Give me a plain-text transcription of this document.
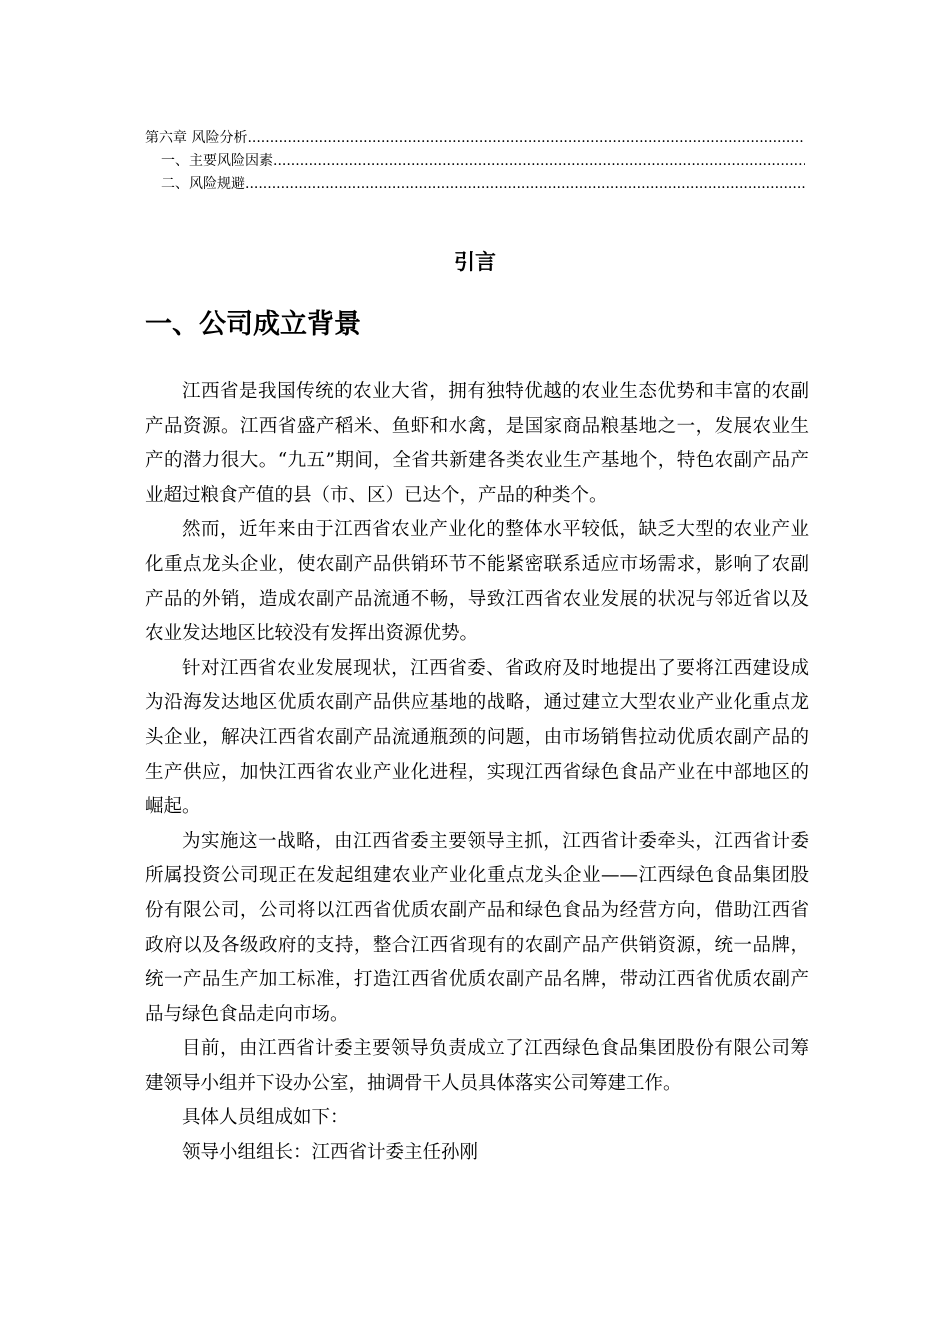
第六章 风险分析
.....
一、主要风险因素
.....
二、风险规避
.....
引言
一、公司成立背景

江西省是我国传统的农业大省，拥有独特优越的农业生态优势和丰富的农副产品资源。江西省盛产稻米、鱼虾和水禽，是国家商品粮基地之一，发展农业生产的潜力很大。“九五”期间，全省共新建各类农业生产基地个，特色农副产品产业超过粮食产值的县（市、区）已达个，产品的种类个。

然而，近年来由于江西省农业产业化的整体水平较低，缺乏大型的农业产业化重点龙头企业，使农副产品供销环节不能紧密联系适应市场需求，影响了农副产品的外销，造成农副产品流通不畅，导致江西省农业发展的状况与邻近省以及农业发达地区比较没有发挥出资源优势。

针对江西省农业发展现状，江西省委、省政府及时地提出了要将江西建设成为沿海发达地区优质农副产品供应基地的战略，通过建立大型农业产业化重点龙头企业，解决江西省农副产品流通瓶颈的问题，由市场销售拉动优质农副产品的生产供应，加快江西省农业产业化进程，实现江西省绿色食品产业在中部地区的崛起。

为实施这一战略，由江西省委主要领导主抓，江西省计委牵头，江西省计委所属投资公司现正在发起组建农业产业化重点龙头企业——江西绿色食品集团股份有限公司，公司将以江西省优质农副产品和绿色食品为经营方向，借助江西省政府以及各级政府的支持，整合江西省现有的农副产品产供销资源，统一品牌，统一产品生产加工标准，打造江西省优质农副产品名牌，带动江西省优质农副产品与绿色食品走向市场。

目前，由江西省计委主要领导负责成立了江西绿色食品集团股份有限公司筹建领导小组并下设办公室，抽调骨干人员具体落实公司筹建工作。

具体人员组成如下：

领导小组组长：江西省计委主任孙刚
